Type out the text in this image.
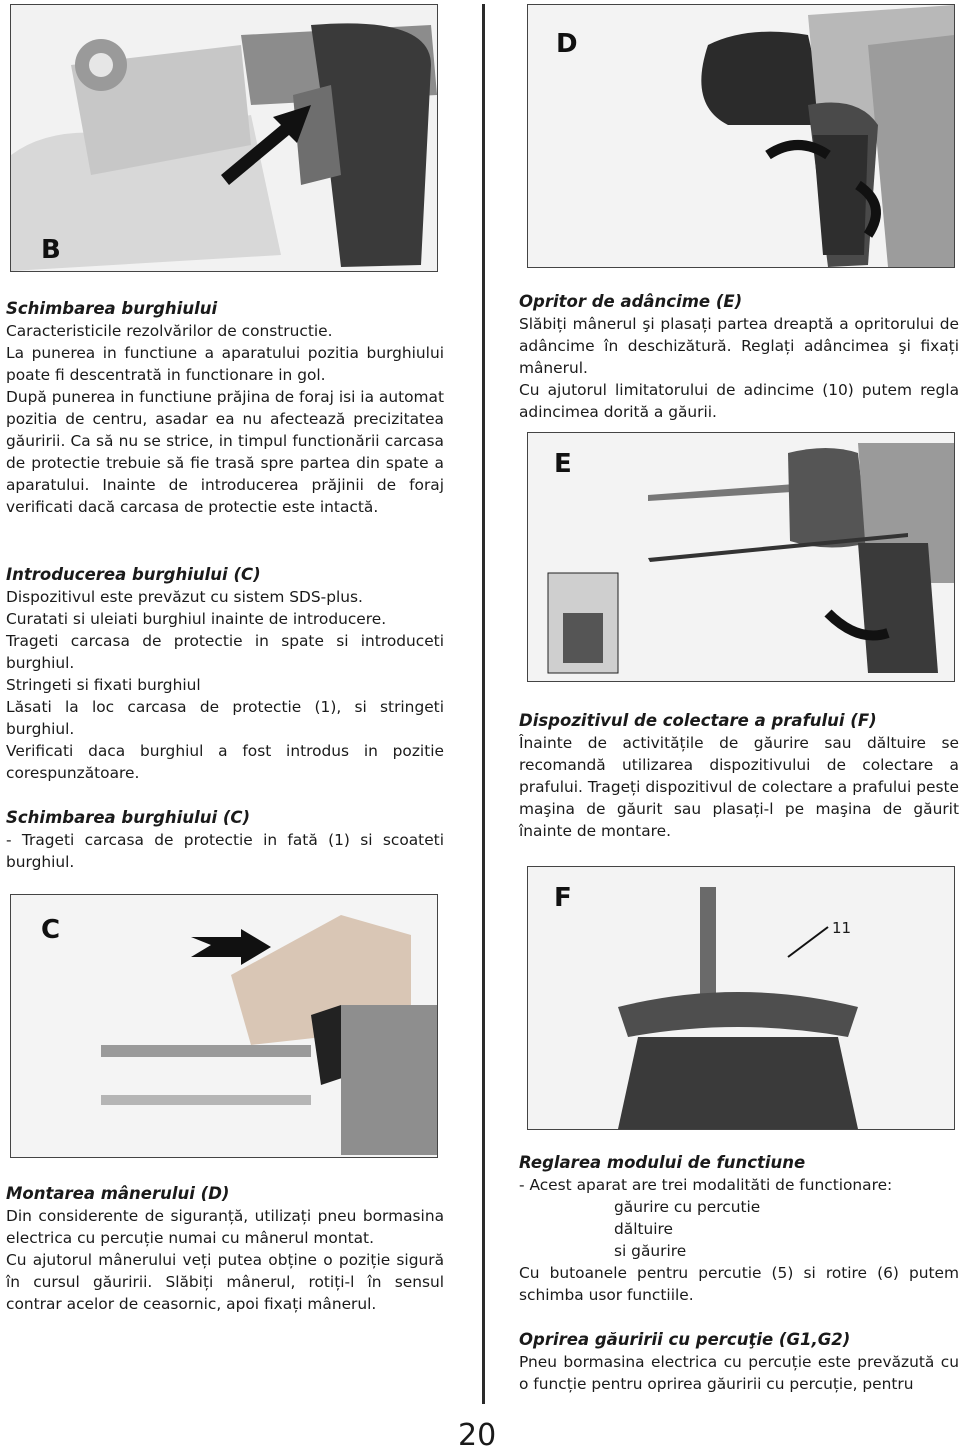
B
D
E
C
F
11

Schimbarea burghiului

Caracteristicile rezolvărilor de constructie.

La punerea in functiune a aparatului pozitia burghiului poate fi descentrată in functionare in gol.

După punerea in functiune prăjina de foraj isi ia automat pozitia de centru, asadar ea nu afectează precizitatea găuririi. Ca să nu se strice, in timpul functionării carcasa de protectie trebuie să fie trasă spre partea din spate a aparatului. Inainte de introducerea prăjinii de foraj verificati dacă carcasa de protectie este intactă.

Introducerea burghiului (C)

Dispozitivul este prevăzut cu sistem SDS-plus.

Curatati si uleiati burghiul inainte de introducere.

Trageti carcasa de protectie in spate si introduceti burghiul.

Stringeti si fixati burghiul

Lăsati la loc carcasa de protectie (1), si stringeti burghiul.

Verificati daca burghiul a fost introdus in pozitie corespunzătoare.

Schimbarea burghiului (C)

- Trageti carcasa de protectie in fată (1) si scoateti burghiul.

Montarea mânerului (D)

Din considerente de siguranță, utilizați pneu bormasina electrica cu percuție numai cu mânerul montat.

Cu ajutorul mânerului veți putea obține o poziție sigură în cursul găuririi. Slăbiți mânerul, rotiți-l în sensul contrar acelor de ceasornic, apoi fixați mânerul.

Opritor de adâncime (E)

Slăbiți mânerul şi plasați partea dreaptă a opritorului de adâncime în deschizătură. Reglați adâncimea şi fixați mânerul.

Cu ajutorul limitatorului de adincime (10) putem regla adincimea dorită a găurii.

Dispozitivul de colectare a prafului (F)

Înainte de activitățile de găurire sau dăltuire se recomandă utilizarea dispozitivului de colectare a prafului. Trageți dispozitivul de colectare a prafului peste maşina de găurit sau plasați-l pe maşina de găurit înainte de montare.

Reglarea modului de functiune

- Acest aparat are trei modalităti de functionare:

găurire cu percutie

dăltuire

si găurire

Cu butoanele pentru percutie (5) si rotire (6) putem schimba usor functiile.

Oprirea găuririi cu percuţie (G1,G2)

Pneu bormasina electrica cu percuție este prevăzută cu o funcție pentru oprirea găuririi cu percuție, pentru

20
